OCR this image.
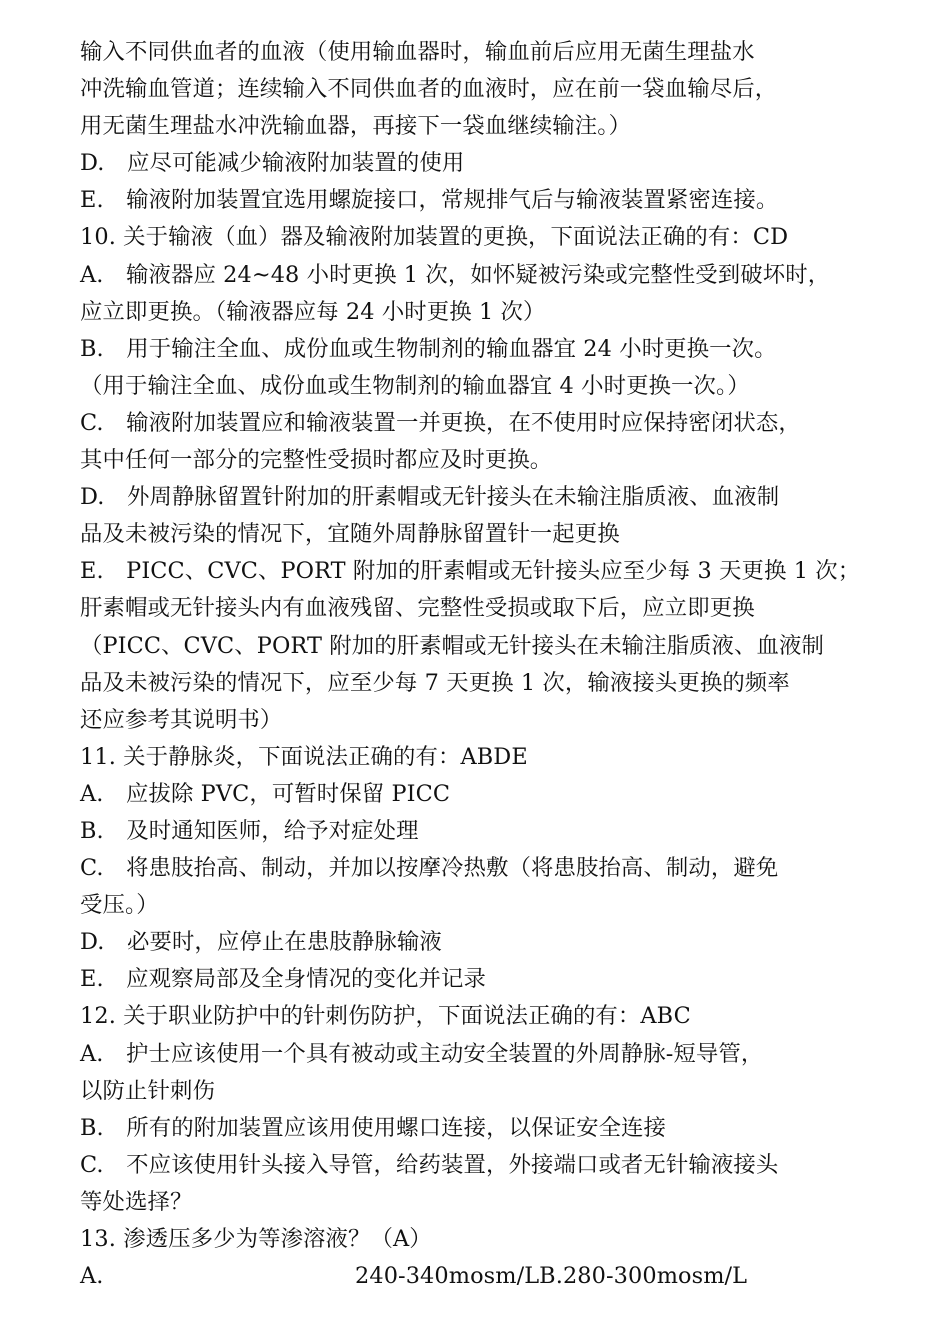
输入不同供血者的血液（使用输血器时，输血前后应用无菌生理盐水
冲洗输血管道；连续输入不同供血者的血液时，应在前一袋血输尽后，
用无菌生理盐水冲洗输血器，再接下一袋血继续输注。）
D.　应尽可能减少输液附加装置的使用
E.　输液附加装置宜选用螺旋接口，常规排气后与输液装置紧密连接。
10. 关于输液（血）器及输液附加装置的更换，下面说法正确的有：CD
A.　输液器应 24~48 小时更换 1 次，如怀疑被污染或完整性受到破坏时，
应立即更换。（输液器应每 24 小时更换 1 次）
B.　用于输注全血、成份血或生物制剂的输血器宜 24 小时更换一次。
（用于输注全血、成份血或生物制剂的输血器宜 4 小时更换一次。）
C.　输液附加装置应和输液装置一并更换，在不使用时应保持密闭状态，
其中任何一部分的完整性受损时都应及时更换。
D.　外周静脉留置针附加的肝素帽或无针接头在未输注脂质液、血液制
品及未被污染的情况下，宜随外周静脉留置针一起更换
E.　PICC、CVC、PORT 附加的肝素帽或无针接头应至少每 3 天更换 1 次；
肝素帽或无针接头内有血液残留、完整性受损或取下后，应立即更换
（PICC、CVC、PORT 附加的肝素帽或无针接头在未输注脂质液、血液制
品及未被污染的情况下，应至少每 7 天更换 1 次，输液接头更换的频率
还应参考其说明书）
11. 关于静脉炎，下面说法正确的有：ABDE
A.　应拔除 PVC，可暂时保留 PICC
B.　及时通知医师，给予对症处理
C.　将患肢抬高、制动，并加以按摩冷热敷（将患肢抬高、制动，避免
受压。）
D.　必要时，应停止在患肢静脉输液
E.　应观察局部及全身情况的变化并记录
12. 关于职业防护中的针刺伤防护，下面说法正确的有：ABC
A.　护士应该使用一个具有被动或主动安全装置的外周静脉-短导管，
以防止针刺伤
B.　所有的附加装置应该用使用螺口连接，以保证安全连接
C.　不应该使用针头接入导管，给药装置，外接端口或者无针输液接头
等处选择？
13. 渗透压多少为等渗溶液？（A）
A.	240-340mosm/LB.280-300mosm/L
